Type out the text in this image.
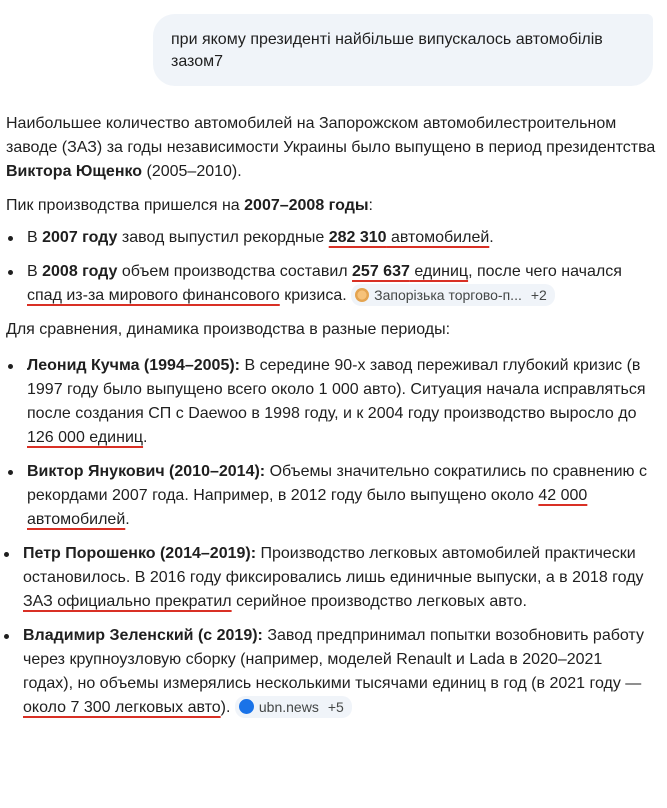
при якому президенті найбільше випускалось автомобілів зазом7

Наибольшее количество автомобилей на Запорожском автомобилестроительном заводе (ЗАЗ) за годы независимости Украины было выпущено в период президентства Виктора Ющенко (2005–2010).

Пик производства пришелся на 2007–2008 годы:

В 2007 году завод выпустил рекордные 282 310 автомобилей.
В 2008 году объем производства составил 257 637 единиц, после чего начался спад из-за мирового финансового кризиса. Запорізька торгово-п... +2

Для сравнения, динамика производства в разные периоды:

Леонид Кучма (1994–2005): В середине 90-х завод переживал глубокий кризис (в 1997 году было выпущено всего около 1 000 авто). Ситуация начала исправляться после создания СП с Daewoo в 1998 году, и к 2004 году производство выросло до 126 000 единиц.
Виктор Янукович (2010–2014): Объемы значительно сократились по сравнению с рекордами 2007 года. Например, в 2012 году было выпущено около 42 000 автомобилей.
Петр Порошенко (2014–2019): Производство легковых автомобилей практически остановилось. В 2016 году фиксировались лишь единичные выпуски, а в 2018 году ЗАЗ официально прекратил серийное производство легковых авто.
Владимир Зеленский (с 2019): Завод предпринимал попытки возобновить работу через крупноузловую сборку (например, моделей Renault и Lada в 2020–2021 годах), но объемы измерялись несколькими тысячами единиц в год (в 2021 году — около 7 300 легковых авто). ubn.news +5
